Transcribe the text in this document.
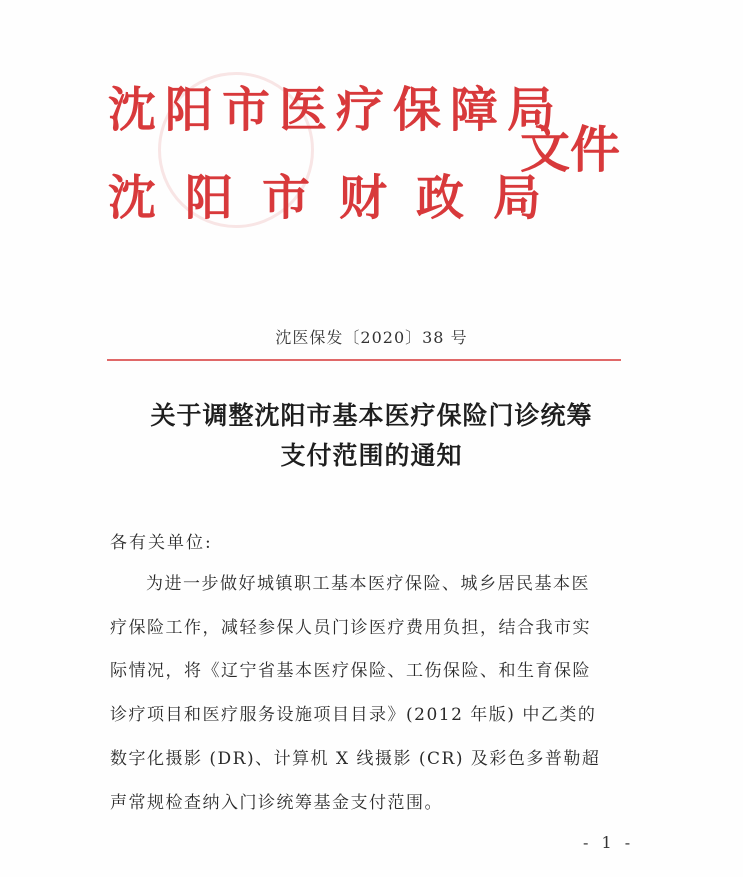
沈 阳 市 医 疗 保 障 局
沈 阳 市 财 政 局
文件
沈医保发〔2020〕38 号
关于调整沈阳市基本医疗保险门诊统筹
支付范围的通知
各有关单位:
为进一步做好城镇职工基本医疗保险、城乡居民基本医
疗保险工作，减轻参保人员门诊医疗费用负担，结合我市实
际情况，将《辽宁省基本医疗保险、工伤保险、和生育保险
诊疗项目和医疗服务设施项目目录》(2012 年版) 中乙类的
数字化摄影 (DR)、计算机 X 线摄影 (CR) 及彩色多普勒超
声常规检查纳入门诊统筹基金支付范围。
- 1 -
